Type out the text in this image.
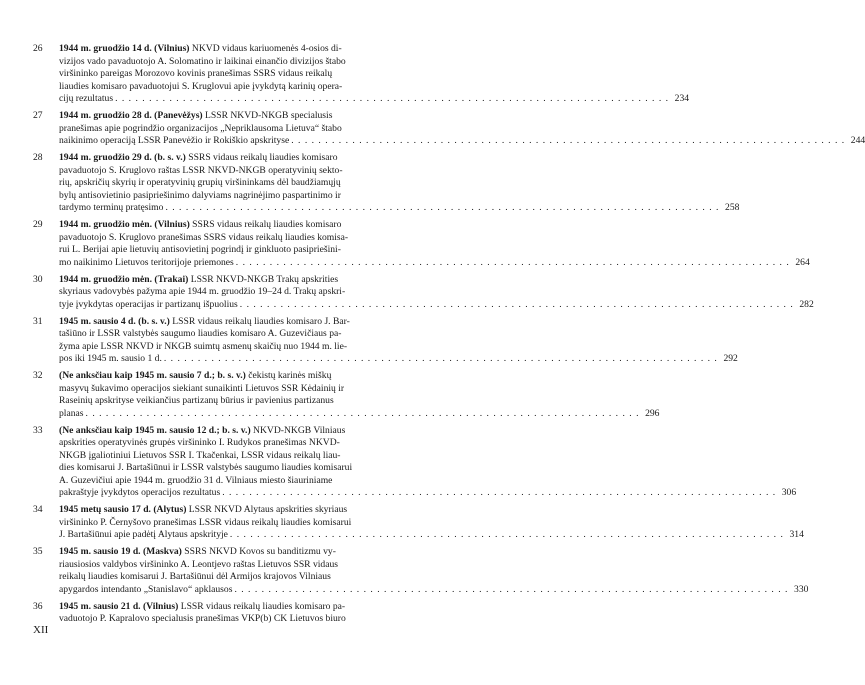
26	1944 m. gruodžio 14 d. (Vilnius) NKVD vidaus kariuomenės 4-osios di-
vizijos vado pavaduotojo A. Solomatino ir laikinai einančio divizijos štabo
viršininko pareigas Morozovo kovinis pranešimas SSRS vidaus reikalų
liaudies komisaro pavaduotojui S. Kruglovui apie įvykdytą karinių opera-
cijų rezultatus . . .	234
27	1944 m. gruodžio 28 d. (Panevėžys) LSSR NKVD-NKGB specialusis
pranešimas apie pogrindžio organizacijos „Nepriklausoma Lietuva“ štabo
naikinimo operaciją LSSR Panevėžio ir Rokiškio apskrityse . . .	244
28	1944 m. gruodžio 29 d. (b. s. v.) SSRS vidaus reikalų liaudies komisaro
pavaduotojo S. Kruglovo raštas LSSR NKVD-NKGB operatyvinių sekto-
rių, apskričių skyrių ir operatyvinių grupių viršininkams dėl baudžiamųjų
bylų antisovietinio pasipriešinimo dalyviams nagrinėjimo paspartinimo ir
tardymo terminų pratęsimo . . .	258
29	1944 m. gruodžio mėn. (Vilnius) SSRS vidaus reikalų liaudies komisaro
pavaduotojo S. Kruglovo pranešimas SSRS vidaus reikalų liaudies komisa-
rui L. Berijai apie lietuvių antisovietinį pogrindį ir ginkluoto pasipriešini-
mo naikinimo Lietuvos teritorijoje priemones . . .	264
30	1944 m. gruodžio mėn. (Trakai) LSSR NKVD-NKGB Trakų apskrities
skyriaus vadovybės pažyma apie 1944 m. gruodžio 19–24 d. Trakų apskri-
tyje įvykdytas operacijas ir partizanų išpuolius . . .	282
31	1945 m. sausio 4 d. (b. s. v.) LSSR vidaus reikalų liaudies komisaro J. Bar-
tašiūno ir LSSR valstybės saugumo liaudies komisaro A. Guzevičiaus pa-
žyma apie LSSR NKVD ir NKGB suimtų asmenų skaičių nuo 1944 m. lie-
pos iki 1945 m. sausio 1 d. . . .	292
32	(Ne anksčiau kaip 1945 m. sausio 7 d.; b. s. v.) čekistų karinės miškų
masyvų šukavimo operacijos siekiant sunaikinti Lietuvos SSR Kėdainių ir
Raseinių apskrityse veikiančius partizanų būrius ir pavienius partizanus
planas . . .	296
33	(Ne anksčiau kaip 1945 m. sausio 12 d.; b. s. v.) NKVD-NKGB Vilniaus
apskrities operatyvinės grupės viršininko I. Rudykos pranešimas NKVD-
NKGB įgaliotiniui Lietuvos SSR I. Tkačenkai, LSSR vidaus reikalų liau-
dies komisarui J. Bartašiūnui ir LSSR valstybės saugumo liaudies komisarui
A. Guzevičiui apie 1944 m. gruodžio 31 d. Vilniaus miesto šiauriniame
pakraštyje įvykdytos operacijos rezultatus . . .	306
34	1945 metų sausio 17 d. (Alytus) LSSR NKVD Alytaus apskrities skyriaus
viršininko P. Černyšovo pranešimas LSSR vidaus reikalų liaudies komisarui
J. Bartašiūnui apie padėtį Alytaus apskrityje . . .	314
35	1945 m. sausio 19 d. (Maskva) SSRS NKVD Kovos su banditizmu vy-
riausiosios valdybos viršininko A. Leontjevo raštas Lietuvos SSR vidaus
reikalų liaudies komisarui J. Bartašiūnui dėl Armijos krajovos Vilniaus
apygardos intendanto „Stanislavo“ apklausos . . .	330
36	1945 m. sausio 21 d. (Vilnius) LSSR vidaus reikalų liaudies komisaro pa-
vaduotojo P. Kapralovo specialusis pranešimas VKP(b) CK Lietuvos biuro
XII
